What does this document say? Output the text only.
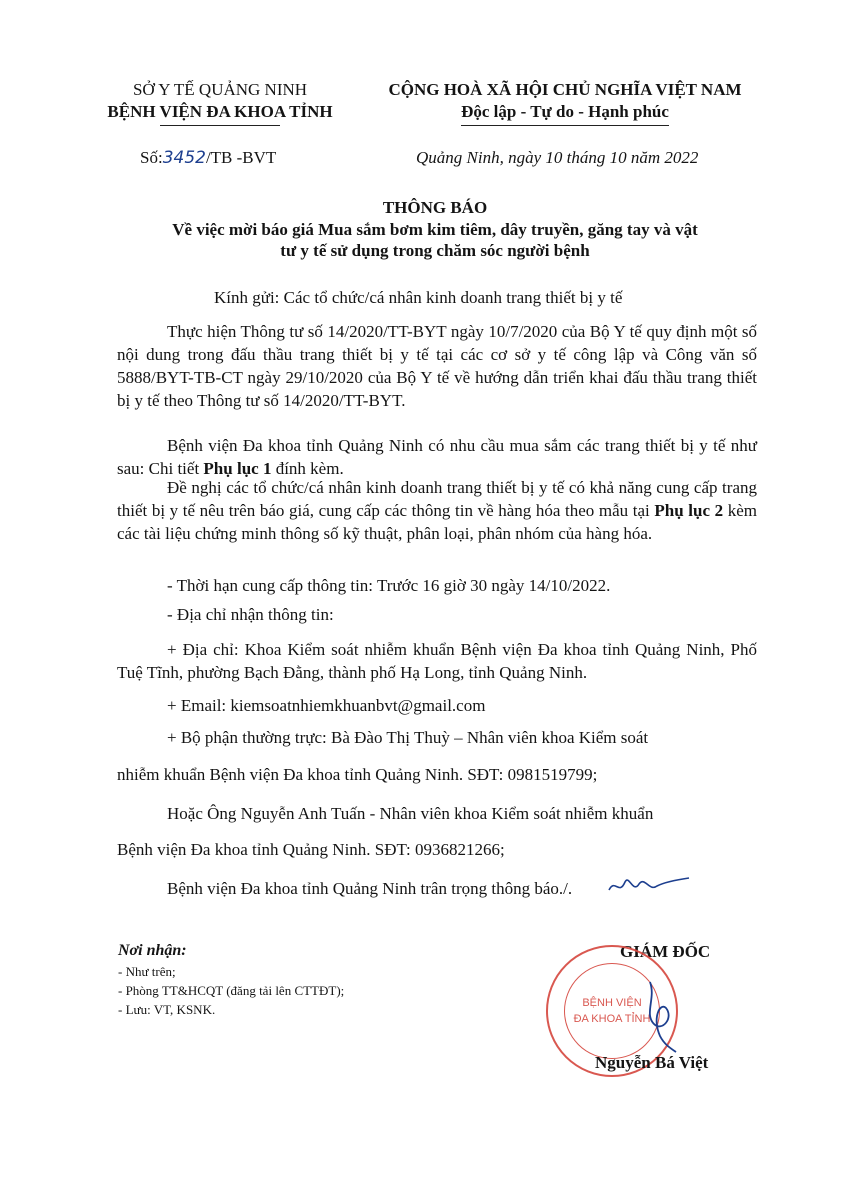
SỞ Y TẾ QUẢNG NINH
BỆNH VIỆN ĐA KHOA TỈNH
Số:3452/TB -BVT
CỘNG HOÀ XÃ HỘI CHỦ NGHĨA VIỆT NAM
Độc lập - Tự do - Hạnh phúc
Quảng Ninh, ngày 10 tháng 10 năm 2022
THÔNG BÁO
Về việc mời báo giá Mua sắm bơm kim tiêm, dây truyền, găng tay và vật
tư y tế sử dụng trong chăm sóc người bệnh
Kính gửi: Các tổ chức/cá nhân kinh doanh trang thiết bị y tế
Thực hiện Thông tư số 14/2020/TT-BYT ngày 10/7/2020 của Bộ Y tế quy định một số nội dung trong đấu thầu trang thiết bị y tế tại các cơ sở y tế công lập và Công văn số 5888/BYT-TB-CT ngày 29/10/2020 của Bộ Y tế về hướng dẫn triển khai đấu thầu trang thiết bị y tế theo Thông tư số 14/2020/TT-BYT.
Bệnh viện Đa khoa tỉnh Quảng Ninh có nhu cầu mua sắm các trang thiết bị y tế như sau: Chi tiết Phụ lục 1 đính kèm.
Đề nghị các tổ chức/cá nhân kinh doanh trang thiết bị y tế có khả năng cung cấp trang thiết bị y tế nêu trên báo giá, cung cấp các thông tin về hàng hóa theo mẫu tại Phụ lục 2 kèm các tài liệu chứng minh thông số kỹ thuật, phân loại, phân nhóm của hàng hóa.
- Thời hạn cung cấp thông tin: Trước 16 giờ 30 ngày 14/10/2022.
- Địa chỉ nhận thông tin:
+ Địa chỉ: Khoa Kiểm soát nhiễm khuẩn Bệnh viện Đa khoa tỉnh Quảng Ninh, Phố Tuệ Tĩnh, phường Bạch Đằng, thành phố Hạ Long, tỉnh Quảng Ninh.
+ Email: kiemsoatnhiemkhuanbvt@gmail.com
+ Bộ phận thường trực: Bà Đào Thị Thuỳ – Nhân viên khoa Kiểm soát
nhiễm khuẩn Bệnh viện Đa khoa tỉnh Quảng Ninh. SĐT: 0981519799;
Hoặc Ông Nguyễn Anh Tuấn - Nhân viên khoa Kiểm soát nhiễm khuẩn
Bệnh viện Đa khoa tỉnh Quảng Ninh. SĐT: 0936821266;
Bệnh viện Đa khoa tỉnh Quảng Ninh trân trọng thông báo./.
Nơi nhận:
- Như trên;
- Phòng TT&HCQT (đăng tải lên CTTĐT);
- Lưu: VT, KSNK.
GIÁM ĐỐC
BỆNH VIỆN
ĐA KHOA TỈNH
Nguyễn Bá Việt
